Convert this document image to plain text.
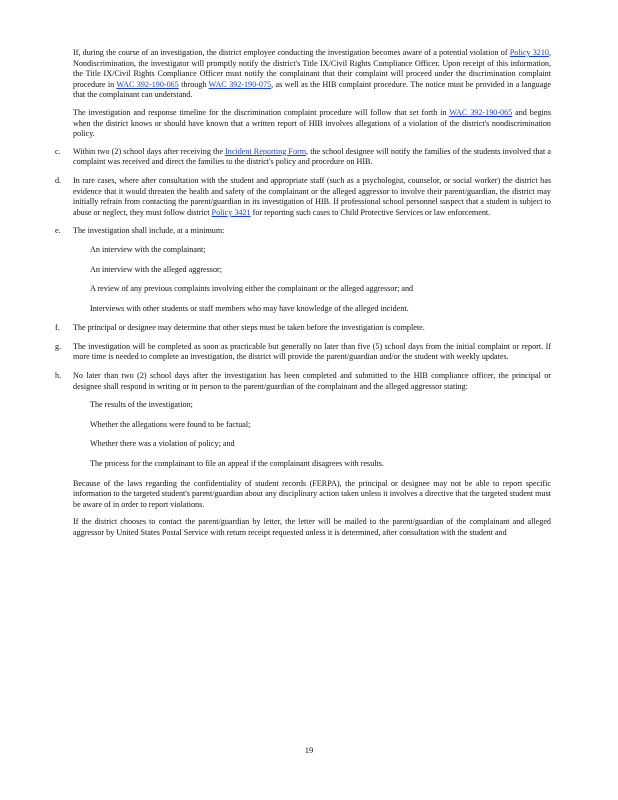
If, during the course of an investigation, the district employee conducting the investigation becomes aware of a potential violation of Policy 3210, Nondiscrimination, the investigator will promptly notify the district's Title IX/Civil Rights Compliance Officer. Upon receipt of this information, the Title IX/Civil Rights Compliance Officer must notify the complainant that their complaint will proceed under the discrimination complaint procedure in WAC 392-190-065 through WAC 392-190-075, as well as the HIB complaint procedure. The notice must be provided in a language that the complainant can understand.
The investigation and response timeline for the discrimination complaint procedure will follow that set forth in WAC 392-190-065 and begins when the district knows or should have known that a written report of HIB involves allegations of a violation of the district's nondiscrimination policy.
c. Within two (2) school days after receiving the Incident Reporting Form, the school designee will notify the families of the students involved that a complaint was received and direct the families to the district's policy and procedure on HIB.
d. In rare cases, where after consultation with the student and appropriate staff (such as a psychologist, counselor, or social worker) the district has evidence that it would threaten the health and safety of the complainant or the alleged aggressor to involve their parent/guardian, the district may initially refrain from contacting the parent/guardian in its investigation of HIB. If professional school personnel suspect that a student is subject to abuse or neglect, they must follow district Policy 3421 for reporting such cases to Child Protective Services or law enforcement.
e. The investigation shall include, at a minimum:
An interview with the complainant;
An interview with the alleged aggressor;
A review of any previous complaints involving either the complainant or the alleged aggressor; and
Interviews with other students or staff members who may have knowledge of the alleged incident.
f. The principal or designee may determine that other steps must be taken before the investigation is complete.
g. The investigation will be completed as soon as practicable but generally no later than five (5) school days from the initial complaint or report. If more time is needed to complete an investigation, the district will provide the parent/guardian and/or the student with weekly updates.
h. No later than two (2) school days after the investigation has been completed and submitted to the HIB compliance officer, the principal or designee shall respond in writing or in person to the parent/guardian of the complainant and the alleged aggressor stating:
The results of the investigation;
Whether the allegations were found to be factual;
Whether there was a violation of policy; and
The process for the complainant to file an appeal if the complainant disagrees with results.
Because of the laws regarding the confidentiality of student records (FERPA), the principal or designee may not be able to report specific information to the targeted student's parent/guardian about any disciplinary action taken unless it involves a directive that the targeted student must be aware of in order to report violations.
If the district chooses to contact the parent/guardian by letter, the letter will be mailed to the parent/guardian of the complainant and alleged aggressor by United States Postal Service with return receipt requested unless it is determined, after consultation with the student and
19
